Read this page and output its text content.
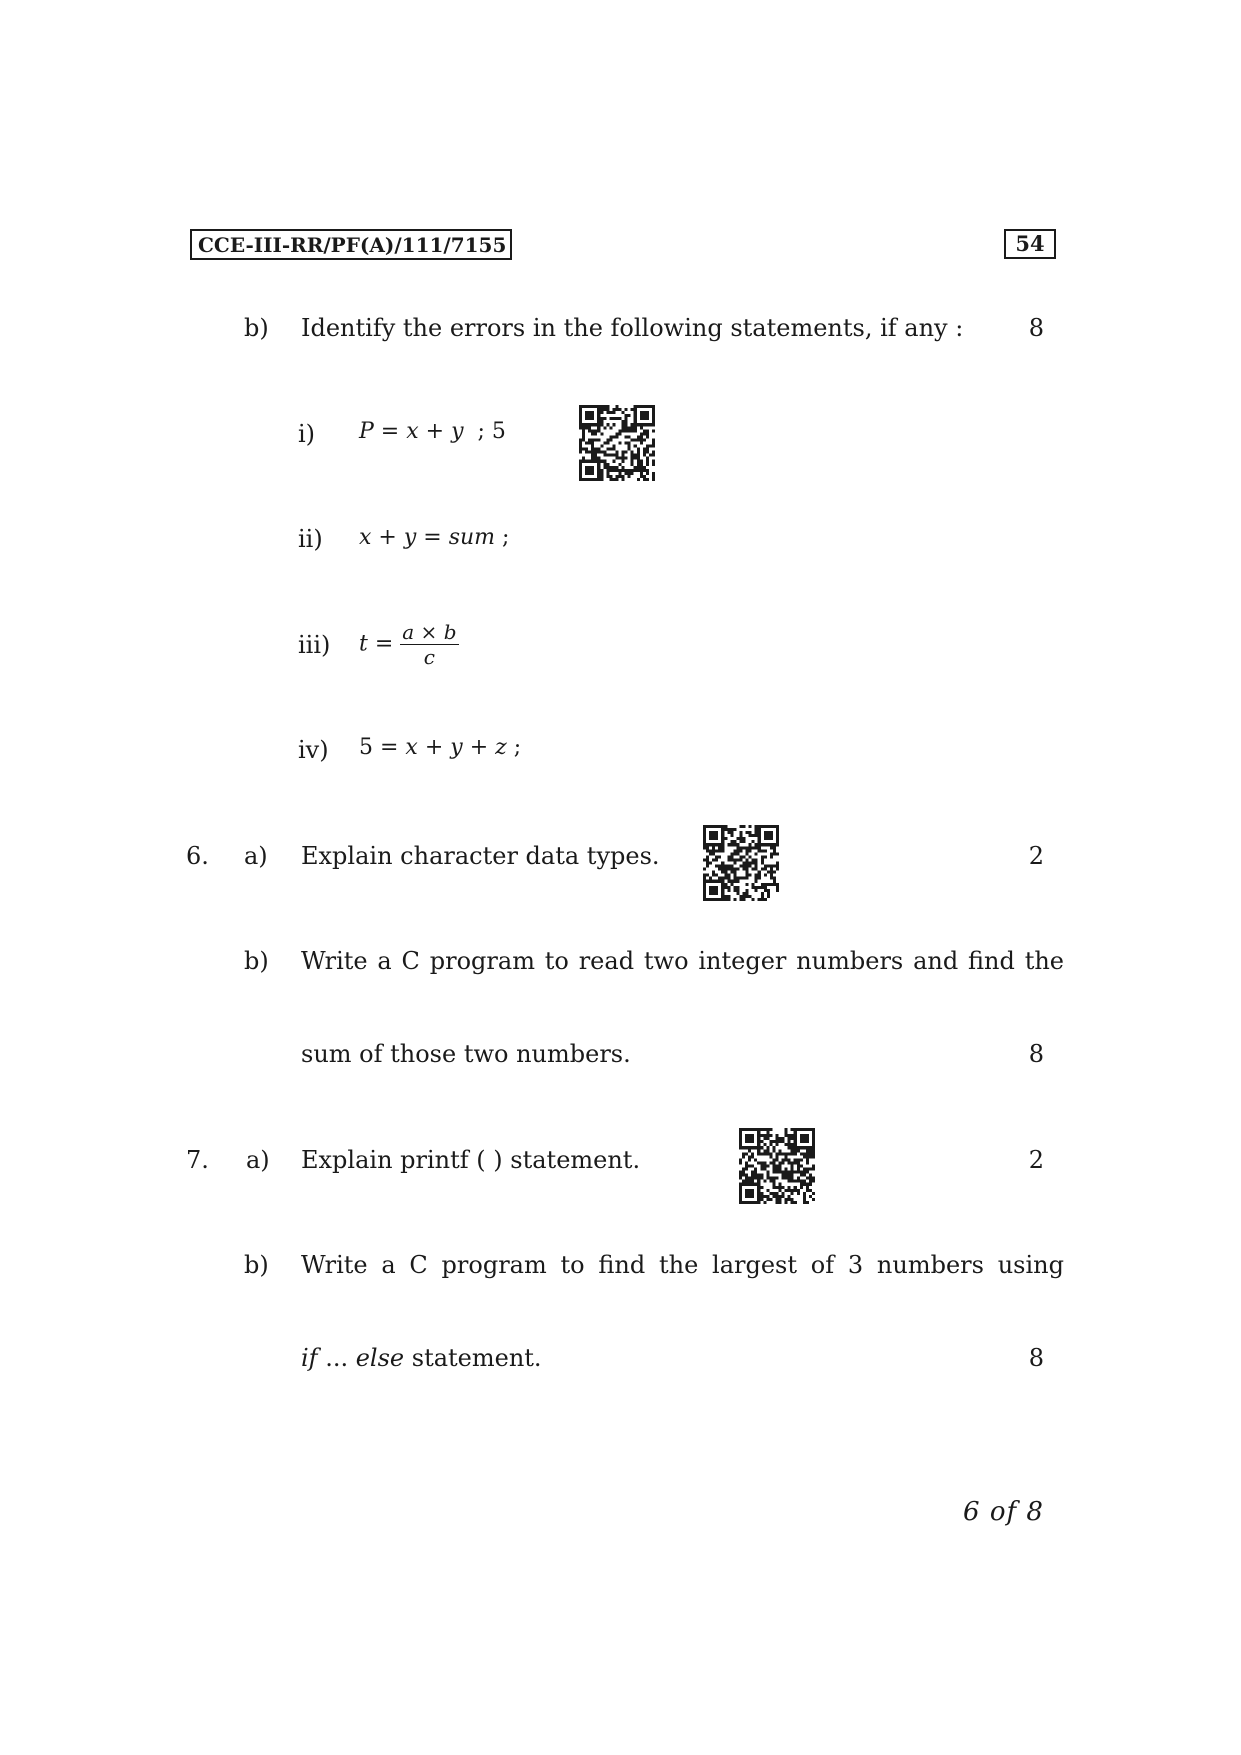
CCE-III-RR/PF(A)/111/7155	54
b) Identify the errors in the following statements, if any :	8
i) P = x + y  ; 5
ii) x + y = sum ;
iii) $t = \frac{a \times b}{c}$
iv) 5 = x + y + z ;
6. a) Explain character data types.	2
b) Write a C program to read two integer numbers and find the
sum of those two numbers.	8
7. a) Explain printf ( ) statement.	2
b) Write a C program to find the largest of 3 numbers using
if ... else statement.	8
6 of 8
